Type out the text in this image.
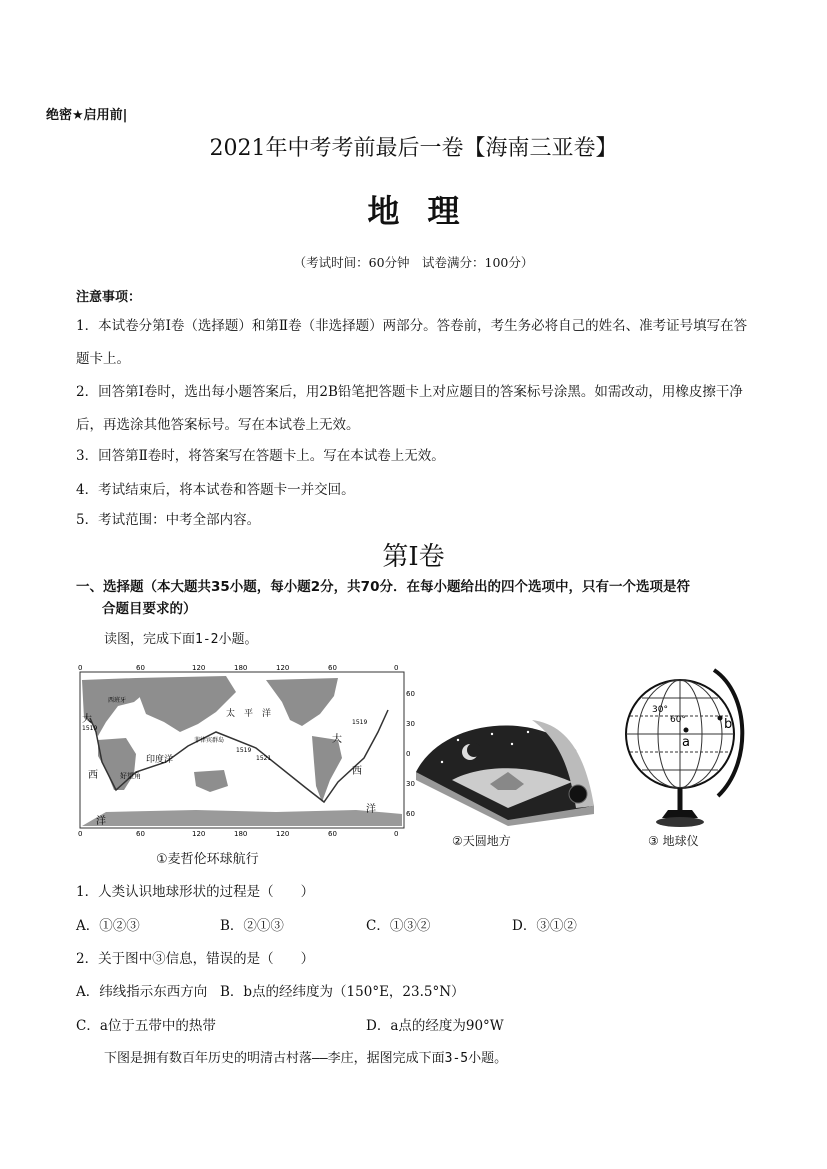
绝密★启用前|
2021年中考考前最后一卷【海南三亚卷】
地理
（考试时间：60分钟　试卷满分：100分）
注意事项：
1．本试卷分第Ⅰ卷（选择题）和第Ⅱ卷（非选择题）两部分。答卷前，考生务必将自己的姓名、准考证号填写在答题卡上。
2．回答第Ⅰ卷时，选出每小题答案后，用2B铅笔把答题卡上对应题目的答案标号涂黑。如需改动，用橡皮擦干净后，再选涂其他答案标号。写在本试卷上无效。
3．回答第Ⅱ卷时，将答案写在答题卡上。写在本试卷上无效。
4．考试结束后，将本试卷和答题卡一并交回。
5．考试范围：中考全部内容。
第Ⅰ卷
一、选择题（本大题共35小题，每小题2分，共70分．在每小题给出的四个选项中，只有一个选项是符
合题目要求的）
读图，完成下面1-2小题。
0	60	120	180	120	60	0
0	60	120	180	120	60	0
60
30
0
30
60
大
西
洋
大
西
洋
太　平　洋
印度洋
西班牙
菲律宾群岛
好望角
1519
1519
1519
1521
①麦哲伦环球航行
②天圆地方
30°
60°
a
b
③ 地球仪
1．人类认识地球形状的过程是（　　）
A．①②③	B．②①③	C．①③②	D．③①②
2．关于图中③信息，错误的是（　　）
A．纬线指示东西方向 B．b点的经纬度为（150°E，23.5°N）
C．a位于五带中的热带	D．a点的经度为90°W
下图是拥有数百年历史的明清古村落——李庄，据图完成下面3-5小题。
